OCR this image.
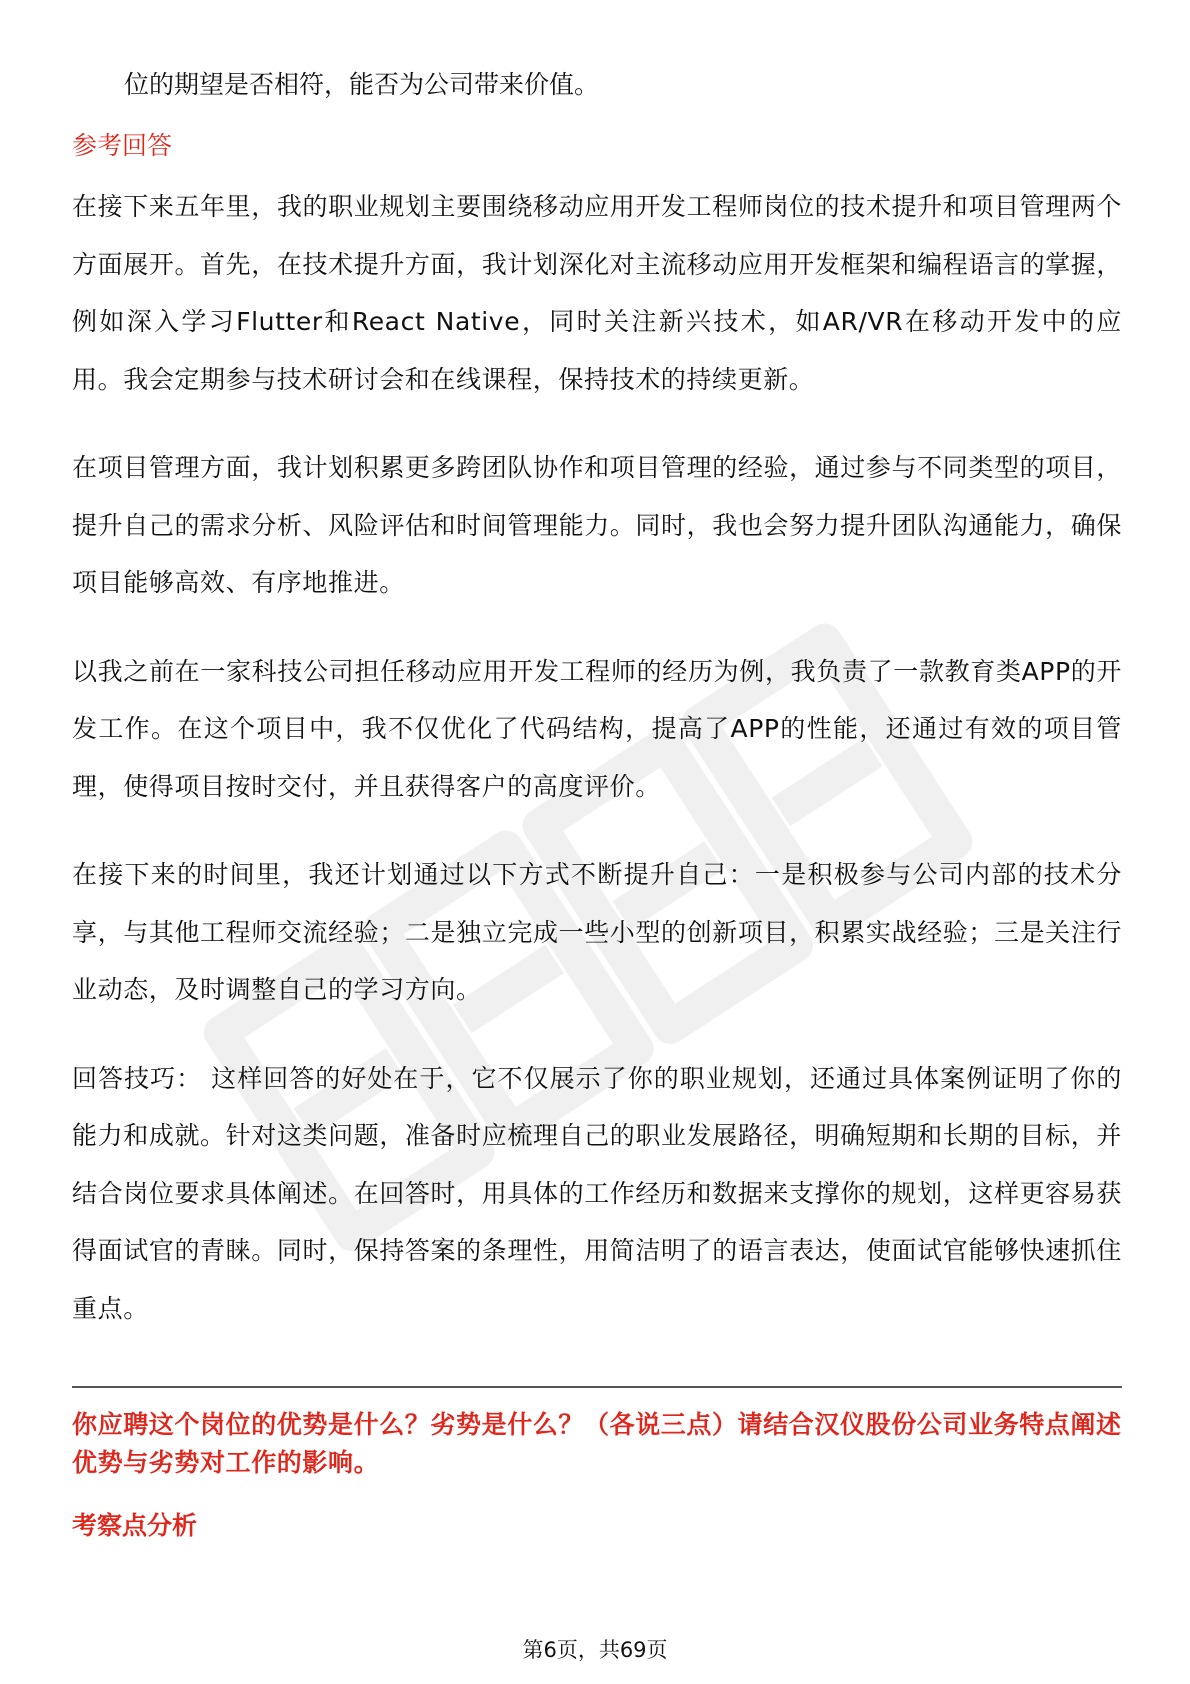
位的期望是否相符，能否为公司带来价值。
参考回答

在接下来五年里，我的职业规划主要围绕移动应用开发工程师岗位的技术提升和项目管理两个方面展开。首先，在技术提升方面，我计划深化对主流移动应用开发框架和编程语言的掌握，例如深入学习Flutter和React Native，同时关注新兴技术，如AR/VR在移动开发中的应用。我会定期参与技术研讨会和在线课程，保持技术的持续更新。

在项目管理方面，我计划积累更多跨团队协作和项目管理的经验，通过参与不同类型的项目，提升自己的需求分析、风险评估和时间管理能力。同时，我也会努力提升团队沟通能力，确保项目能够高效、有序地推进。

以我之前在一家科技公司担任移动应用开发工程师的经历为例，我负责了一款教育类APP的开发工作。在这个项目中，我不仅优化了代码结构，提高了APP的性能，还通过有效的项目管理，使得项目按时交付，并且获得客户的高度评价。

在接下来的时间里，我还计划通过以下方式不断提升自己：一是积极参与公司内部的技术分享，与其他工程师交流经验；二是独立完成一些小型的创新项目，积累实战经验；三是关注行业动态，及时调整自己的学习方向。

回答技巧： 这样回答的好处在于，它不仅展示了你的职业规划，还通过具体案例证明了你的能力和成就。针对这类问题，准备时应梳理自己的职业发展路径，明确短期和长期的目标，并结合岗位要求具体阐述。在回答时，用具体的工作经历和数据来支撑你的规划，这样更容易获得面试官的青睐。同时，保持答案的条理性，用简洁明了的语言表达，使面试官能够快速抓住重点。

你应聘这个岗位的优势是什么？劣势是什么？（各说三点）请结合汉仪股份公司业务特点阐述优势与劣势对工作的影响。
考察点分析
第6页，共69页
